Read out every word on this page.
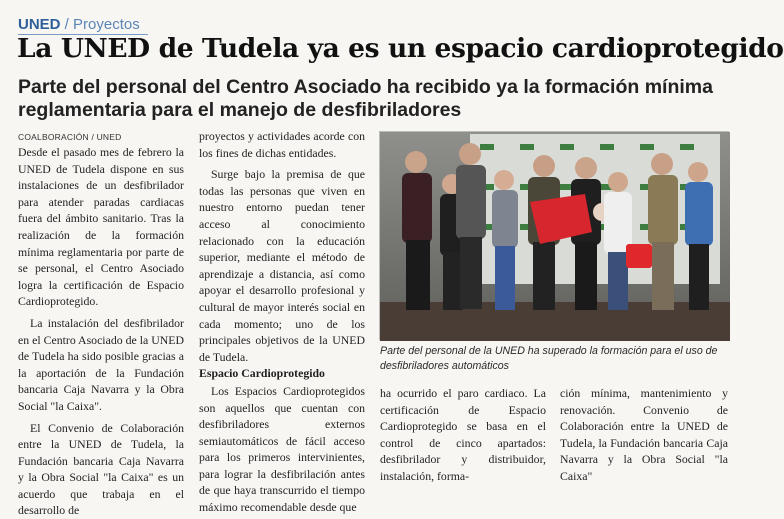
UNED / Proyectos
La UNED de Tudela ya es un espacio cardioprotegido
Parte del personal del Centro Asociado ha recibido ya la formación mínima reglamentaria para el manejo de desfibriladores
COALBORACIÓN / UNED

Desde el pasado mes de febrero la UNED de Tudela dispone en sus instalaciones de un desfibrilador para atender paradas cardiacas fuera del ámbito sanitario. Tras la realización de la formación mínima reglamentaria por parte de se personal, el Centro Asociado logra la certificación de Espacio Cardioprotegido.

La instalación del desfibrilador en el Centro Asociado de la UNED de Tudela ha sido posible gracias a la aportación de la Fundación bancaria Caja Navarra y la Obra Social "la Caixa".

El Convenio de Colaboración entre la UNED de Tudela, la Fundación bancaria Caja Navarra y la Obra Social "la Caixa" es un acuerdo que trabaja en el desarrollo de

proyectos y actividades acorde con los fines de dichas entidades.

Surge bajo la premisa de que todas las personas que viven en nuestro entorno puedan tener acceso al conocimiento relacionado con la educación superior, mediante el método de aprendizaje a distancia, así como apoyar el desarrollo profesional y cultural de mayor interés social en cada momento; uno de los principales objetivos de la UNED de Tudela.

Espacio Cardioprotegido

Los Espacios Cardioprotegidos son aquellos que cuentan con desfibriladores externos semiautomáticos de fácil acceso para los primeros intervinientes, para lograr la desfibrilación antes de que haya transcurrido el tiempo máximo recomendable desde que

Parte del personal de la UNED ha superado la formación para el uso de desfibriladores automáticos

ha ocurrido el paro cardiaco. La certificación de Espacio Cardioprotegido se basa en el control de cinco apartados: desfibrilador y distribuidor, instalación, forma-

ción mínima, mantenimiento y renovación. Convenio de Colaboración entre la UNED de Tudela, la Fundación bancaria Caja Navarra y la Obra Social "la Caixa"
